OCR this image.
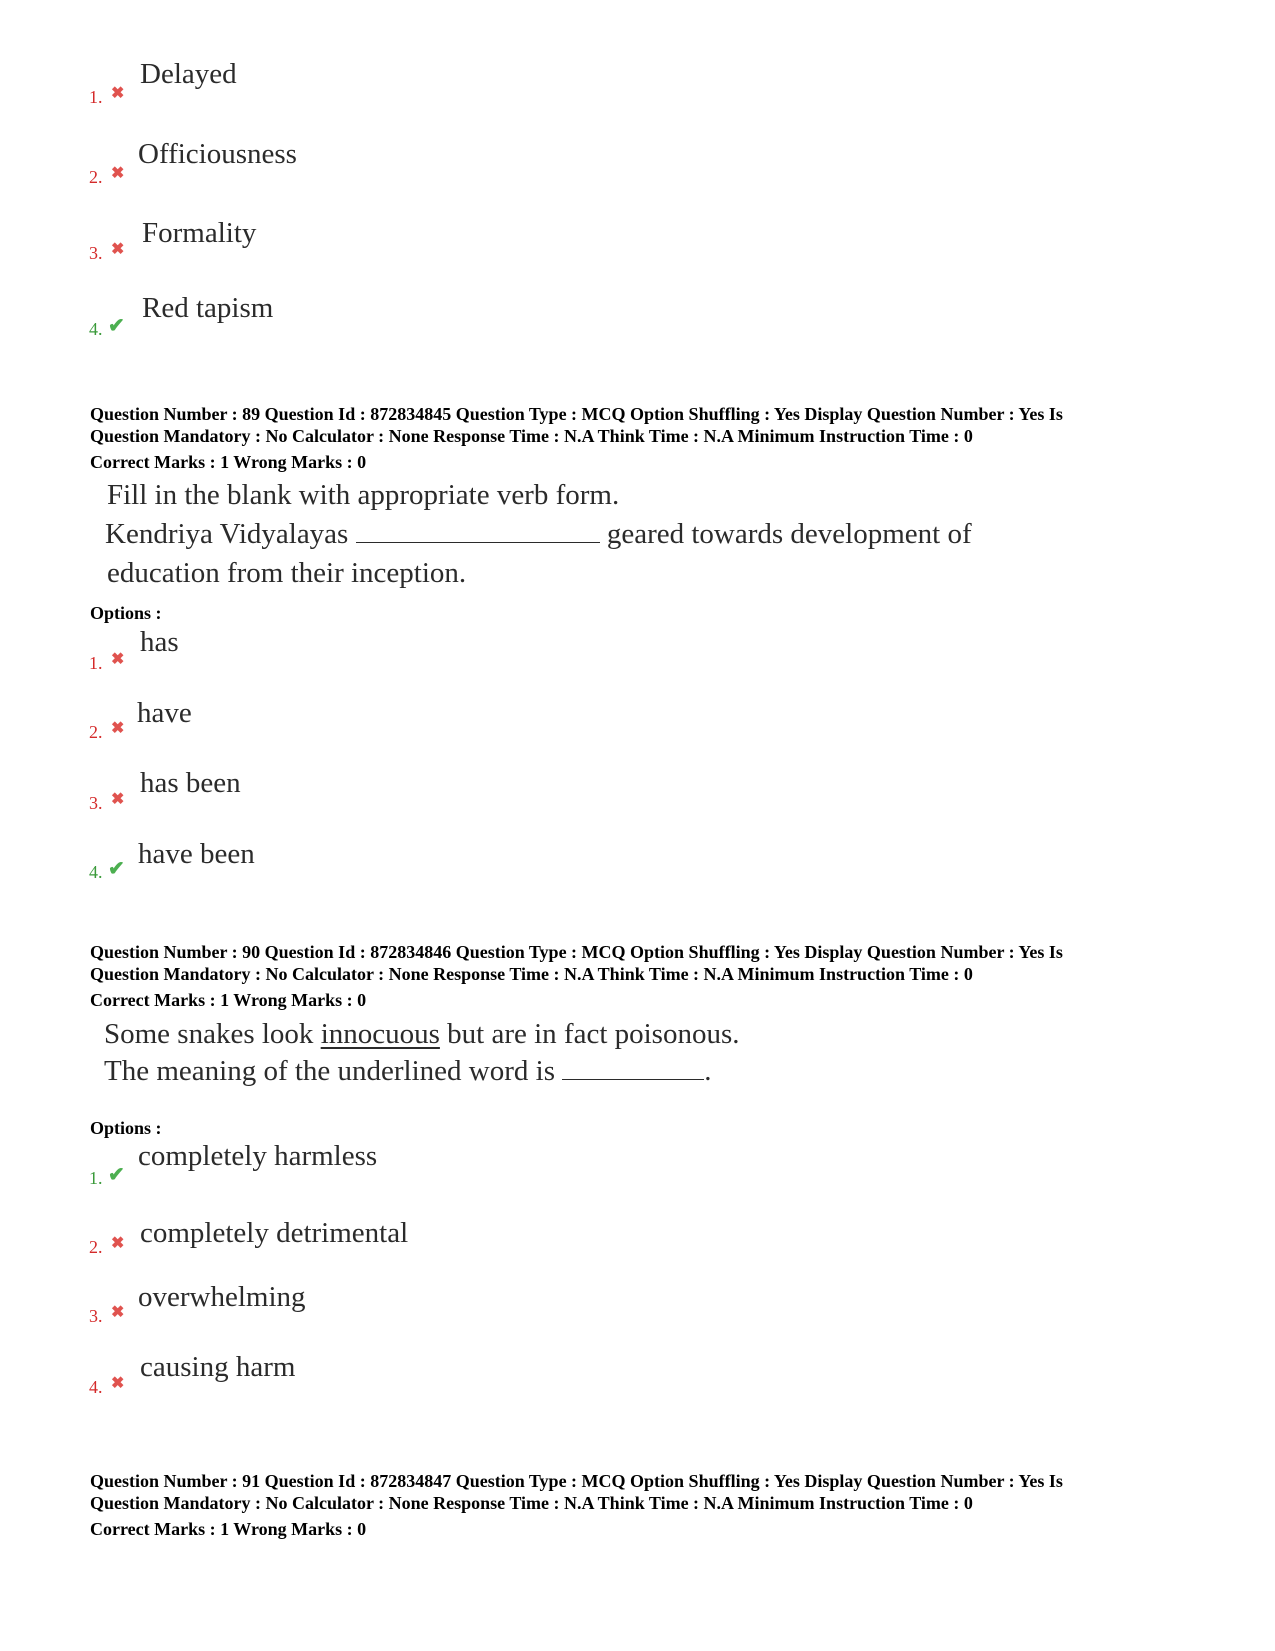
1. ✖
Delayed
2. ✖
Officiousness
3. ✖
Formality
4. ✔
Red tapism
Question Number : 89 Question Id : 872834845 Question Type : MCQ Option Shuffling : Yes Display Question Number : Yes Is
Question Mandatory : No Calculator : None Response Time : N.A Think Time : N.A Minimum Instruction Time : 0
Correct Marks : 1 Wrong Marks : 0
Fill in the blank with appropriate verb form.
Kendriya Vidyalayas	geared towards development of
education from their inception.
Options :
1. ✖
has
2. ✖ have
3. ✖
has been
4. ✔ have been
Question Number : 90 Question Id : 872834846 Question Type : MCQ Option Shuffling : Yes Display Question Number : Yes Is
Question Mandatory : No Calculator : None Response Time : N.A Think Time : N.A Minimum Instruction Time : 0
Correct Marks : 1 Wrong Marks : 0
Some snakes look innocuous but are in fact poisonous.
The meaning of the underlined word is	.
Options :
1. ✔
completely harmless
2. ✖ completely detrimental
3. ✖ overwhelming
4. ✖
causing harm
Question Number : 91 Question Id : 872834847 Question Type : MCQ Option Shuffling : Yes Display Question Number : Yes Is
Question Mandatory : No Calculator : None Response Time : N.A Think Time : N.A Minimum Instruction Time : 0
Correct Marks : 1 Wrong Marks : 0
